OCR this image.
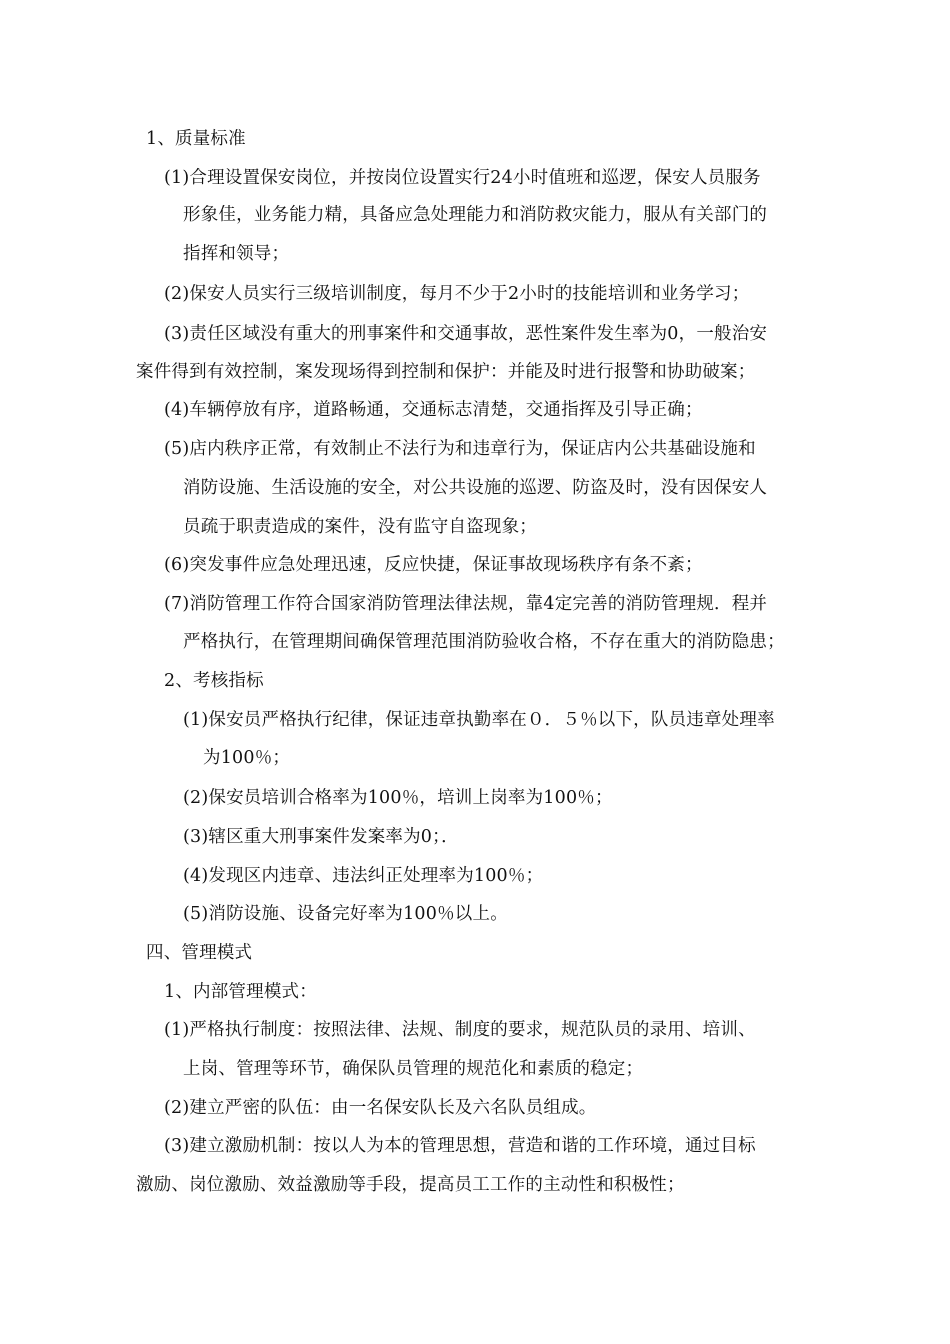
1、质量标准
(1)合理设置保安岗位，并按岗位设置实行24小时值班和巡逻，保安人员服务
形象佳，业务能力精，具备应急处理能力和消防救灾能力，服从有关部门的
指挥和领导；
(2)保安人员实行三级培训制度，每月不少于2小时的技能培训和业务学习；
(3)责任区域没有重大的刑事案件和交通事故，恶性案件发生率为0，一般治安
案件得到有效控制，案发现场得到控制和保护：并能及时进行报警和协助破案；
(4)车辆停放有序，道路畅通，交通标志清楚，交通指挥及引导正确；
(5)店内秩序正常，有效制止不法行为和违章行为，保证店内公共基础设施和
消防设施、生活设施的安全，对公共设施的巡逻、防盗及时，没有因保安人
员疏于职责造成的案件，没有监守自盗现象；
(6)突发事件应急处理迅速，反应快捷，保证事故现场秩序有条不紊；
(7)消防管理工作符合国家消防管理法律法规，靠4定完善的消防管理规．程并
严格执行，在管理期间确保管理范围消防验收合格，不存在重大的消防隐患；
2、考核指标
(1)保安员严格执行纪律，保证违章执勤率在０．５％以下，队员违章处理率
为100％；
(2)保安员培训合格率为100％，培训上岗率为100％；
(3)辖区重大刑事案件发案率为0；．
(4)发现区内违章、违法纠正处理率为100％；
(5)消防设施、设备完好率为100％以上。
四、管理模式
1、内部管理模式：
(1)严格执行制度：按照法律、法规、制度的要求，规范队员的录用、培训、
上岗、管理等环节，确保队员管理的规范化和素质的稳定；
(2)建立严密的队伍：由一名保安队长及六名队员组成。
(3)建立激励机制：按以人为本的管理思想，营造和谐的工作环境，通过目标
激励、岗位激励、效益激励等手段，提高员工工作的主动性和积极性；
